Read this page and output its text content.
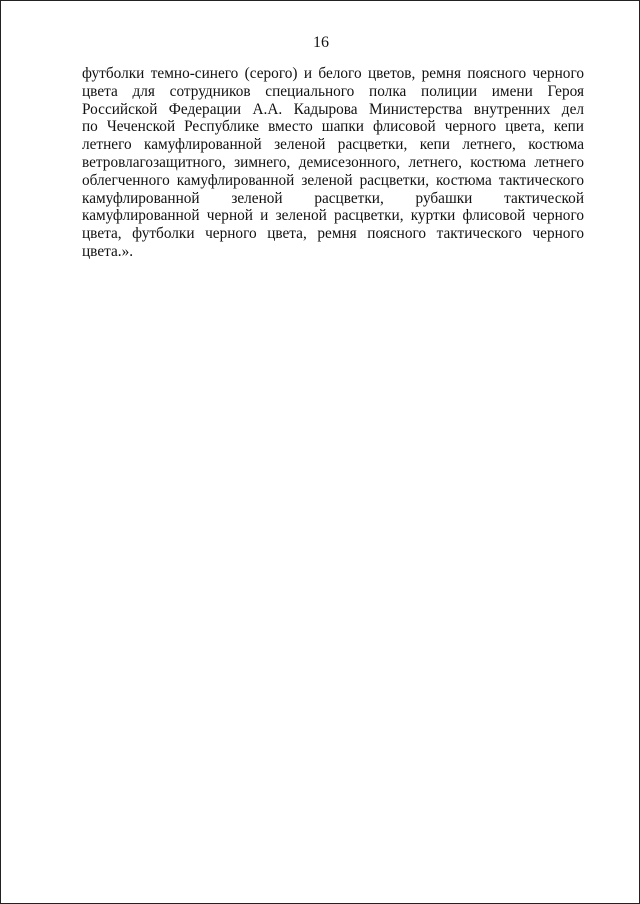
16
футболки темно-синего (серого) и белого цветов, ремня поясного черного
цвета для сотрудников специального полка полиции имени Героя
Российской Федерации А.А. Кадырова Министерства внутренних дел
по Чеченской Республике вместо шапки флисовой черного цвета, кепи
летнего камуфлированной зеленой расцветки, кепи летнего, костюма
ветровлагозащитного, зимнего, демисезонного, летнего, костюма летнего
облегченного камуфлированной зеленой расцветки, костюма тактического
камуфлированной зеленой расцветки, рубашки тактической
камуфлированной черной и зеленой расцветки, куртки флисовой черного
цвета, футболки черного цвета, ремня поясного тактического черного
цвета.».
